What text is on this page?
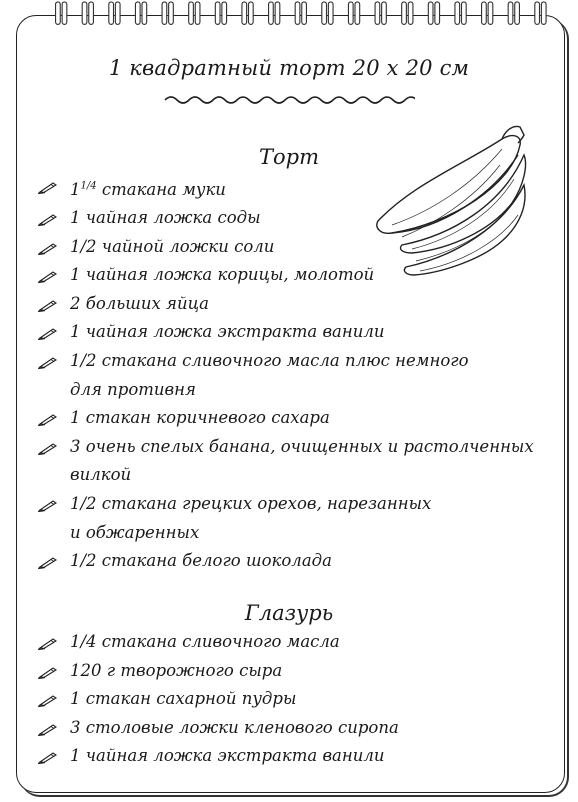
1 квадратный торт 20 х 20 см
Торт
$1^{1/4}$ стакана муки
1 чайная ложка соды
1/2 чайной ложки соли
1 чайная ложка корицы, молотой
2 больших яйца
1 чайная ложка экстракта ванили
1/2 стакана сливочного масла плюс немного
для противня
1 стакан коричневого сахара
3 очень спелых банана, очищенных и растолченных
вилкой
1/2 стакана грецких орехов, нарезанных
и обжаренных
1/2 стакана белого шоколада
Глазурь
1/4 стакана сливочного масла
120 г творожного сыра
1 стакан сахарной пудры
3 столовые ложки кленового сиропа
1 чайная ложка экстракта ванили
